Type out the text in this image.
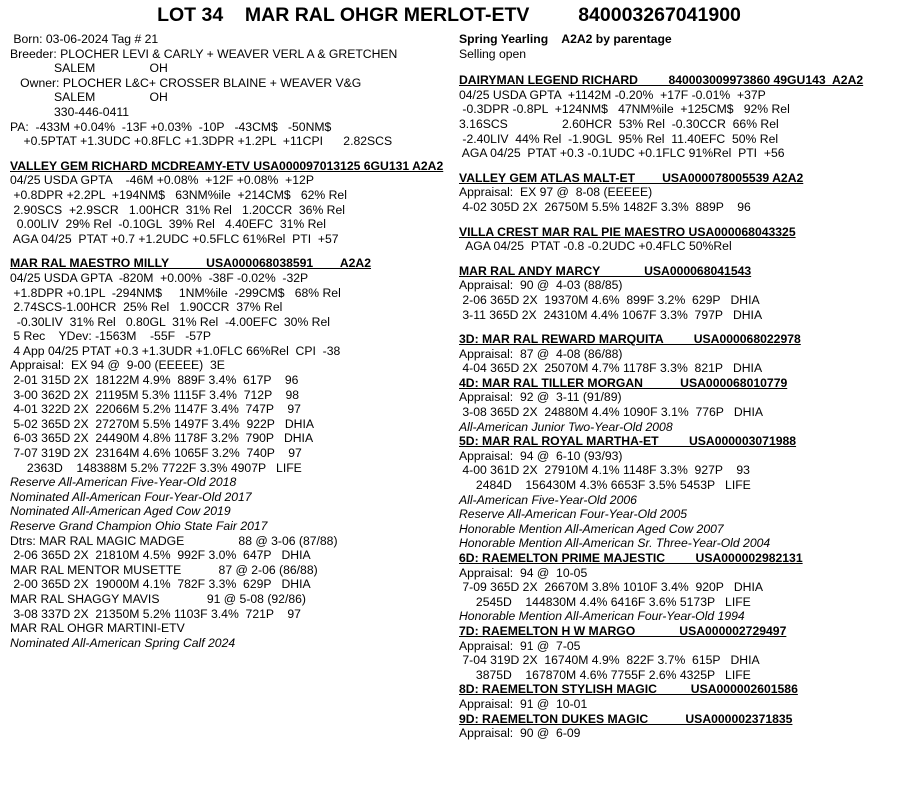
LOT 34 MAR RAL OHGR MERLOT-ETV	840003267041900
Born: 03-06-2024 Tag # 21
Breeder: PLOCHER LEVI & CARLY + WEAVER VERL A & GRETCHEN
SALEM                OH
Owner: PLOCHER L&C+ CROSSER BLAINE + WEAVER V&G
SALEM                OH
330-446-0411
PA:  -433M +0.04%  -13F +0.03%  -10P   -43CM$   -50NM$
+0.5PTAT +1.3UDC +0.8FLC +1.3DPR +1.2PL  +11CPI      2.82SCS
VALLEY GEM RICHARD MCDREAMY-ETV USA000097013125 6GU131 A2A2
04/25 USDA GPTA    -46M +0.08%  +12F +0.08%  +12P
+0.8DPR +2.2PL  +194NM$   63NM%ile  +214CM$   62% Rel
2.90SCS  +2.9SCR   1.00HCR  31% Rel   1.20CCR  36% Rel
0.00LIV  29% Rel  -0.10GL  39% Rel   4.40EFC  31% Rel
AGA 04/25  PTAT +0.7 +1.2UDC +0.5FLC 61%Rel  PTI  +57
MAR RAL MAESTRO MILLY           USA000068038591        A2A2
04/25 USDA GPTA  -820M  +0.00%  -38F -0.02%  -32P
+1.8DPR +0.1PL  -294NM$     1NM%ile  -299CM$   68% Rel
2.74SCS-1.00HCR  25% Rel   1.90CCR  37% Rel
-0.30LIV  31% Rel   0.80GL  31% Rel  -4.00EFC  30% Rel
5 Rec    YDev: -1563M    -55F   -57P
4 App 04/25 PTAT +0.3 +1.3UDR +1.0FLC 66%Rel  CPI  -38
Appraisal:  EX 94 @  9-00 (EEEEE)  3E
2-01 315D 2X  18122M 4.9%  889F 3.4%  617P    96
3-00 362D 2X  21195M 5.3% 1115F 3.4%  712P    98
4-01 322D 2X  22066M 5.2% 1147F 3.4%  747P    97
5-02 365D 2X  27270M 5.5% 1497F 3.4%  922P   DHIA
6-03 365D 2X  24490M 4.8% 1178F 3.2%  790P   DHIA
7-07 319D 2X  23164M 4.6% 1065F 3.2%  740P    97
2363D    148388M 5.2% 7722F 3.3% 4907P   LIFE
Reserve All-American Five-Year-Old 2018
Nominated All-American Four-Year-Old 2017
Nominated All-American Aged Cow 2019
Reserve Grand Champion Ohio State Fair 2017
Dtrs: MAR RAL MAGIC MADGE                88 @ 3-06 (87/88)
2-06 365D 2X  21810M 4.5%  992F 3.0%  647P   DHIA
MAR RAL MENTOR MUSETTE           87 @ 2-06 (86/88)
2-00 365D 2X  19000M 4.1%  782F 3.3%  629P   DHIA
MAR RAL SHAGGY MAVIS              91 @ 5-08 (92/86)
3-08 337D 2X  21350M 5.2% 1103F 3.4%  721P    97
MAR RAL OHGR MARTINI-ETV
Nominated All-American Spring Calf 2024
Spring Yearling    A2A2 by parentage
Selling open
DAIRYMAN LEGEND RICHARD         840003009973860 49GU143  A2A2
04/25 USDA GPTA  +1142M -0.20%  +17F -0.01%  +37P
-0.3DPR -0.8PL  +124NM$   47NM%ile  +125CM$   92% Rel
3.16SCS                2.60HCR  53% Rel  -0.30CCR  66% Rel
-2.40LIV  44% Rel  -1.90GL  95% Rel  11.40EFC  50% Rel
AGA 04/25  PTAT +0.3 -0.1UDC +0.1FLC 91%Rel  PTI  +56
VALLEY GEM ATLAS MALT-ET        USA000078005539 A2A2
Appraisal:  EX 97 @  8-08 (EEEEE)
4-02 305D 2X  26750M 5.5% 1482F 3.3%  889P    96
VILLA CREST MAR RAL PIE MAESTRO USA000068043325
AGA 04/25  PTAT -0.8 -0.2UDC +0.4FLC 50%Rel
MAR RAL ANDY MARCY             USA000068041543
Appraisal:  90 @  4-03 (88/85)
2-06 365D 2X  19370M 4.6%  899F 3.2%  629P   DHIA
3-11 365D 2X  24310M 4.4% 1067F 3.3%  797P   DHIA
3D: MAR RAL REWARD MARQUITA         USA000068022978
Appraisal:  87 @  4-08 (86/88)
4-04 365D 2X  25070M 4.7% 1178F 3.3%  821P   DHIA
4D: MAR RAL TILLER MORGAN           USA000068010779
Appraisal:  92 @  3-11 (91/89)
3-08 365D 2X  24880M 4.4% 1090F 3.1%  776P   DHIA
All-American Junior Two-Year-Old 2008
5D: MAR RAL ROYAL MARTHA-ET         USA000003071988
Appraisal:  94 @  6-10 (93/93)
4-00 361D 2X  27910M 4.1% 1148F 3.3%  927P    93
2484D    156430M 4.3% 6653F 3.5% 5453P   LIFE
All-American Five-Year-Old 2006
Reserve All-American Four-Year-Old 2005
Honorable Mention All-American Aged Cow 2007
Honorable Mention All-American Sr. Three-Year-Old 2004
6D: RAEMELTON PRIME MAJESTIC         USA000002982131
Appraisal:  94 @  10-05
7-09 365D 2X  26670M 3.8% 1010F 3.4%  920P   DHIA
2545D    144830M 4.4% 6416F 3.6% 5173P   LIFE
Honorable Mention All-American Four-Year-Old 1994
7D: RAEMELTON H W MARGO             USA000002729497
Appraisal:  91 @  7-05
7-04 319D 2X  16740M 4.9%  822F 3.7%  615P   DHIA
3875D    167870M 4.6% 7755F 2.6% 4325P   LIFE
8D: RAEMELTON STYLISH MAGIC          USA000002601586
Appraisal:  91 @  10-01
9D: RAEMELTON DUKES MAGIC           USA000002371835
Appraisal:  90 @  6-09
